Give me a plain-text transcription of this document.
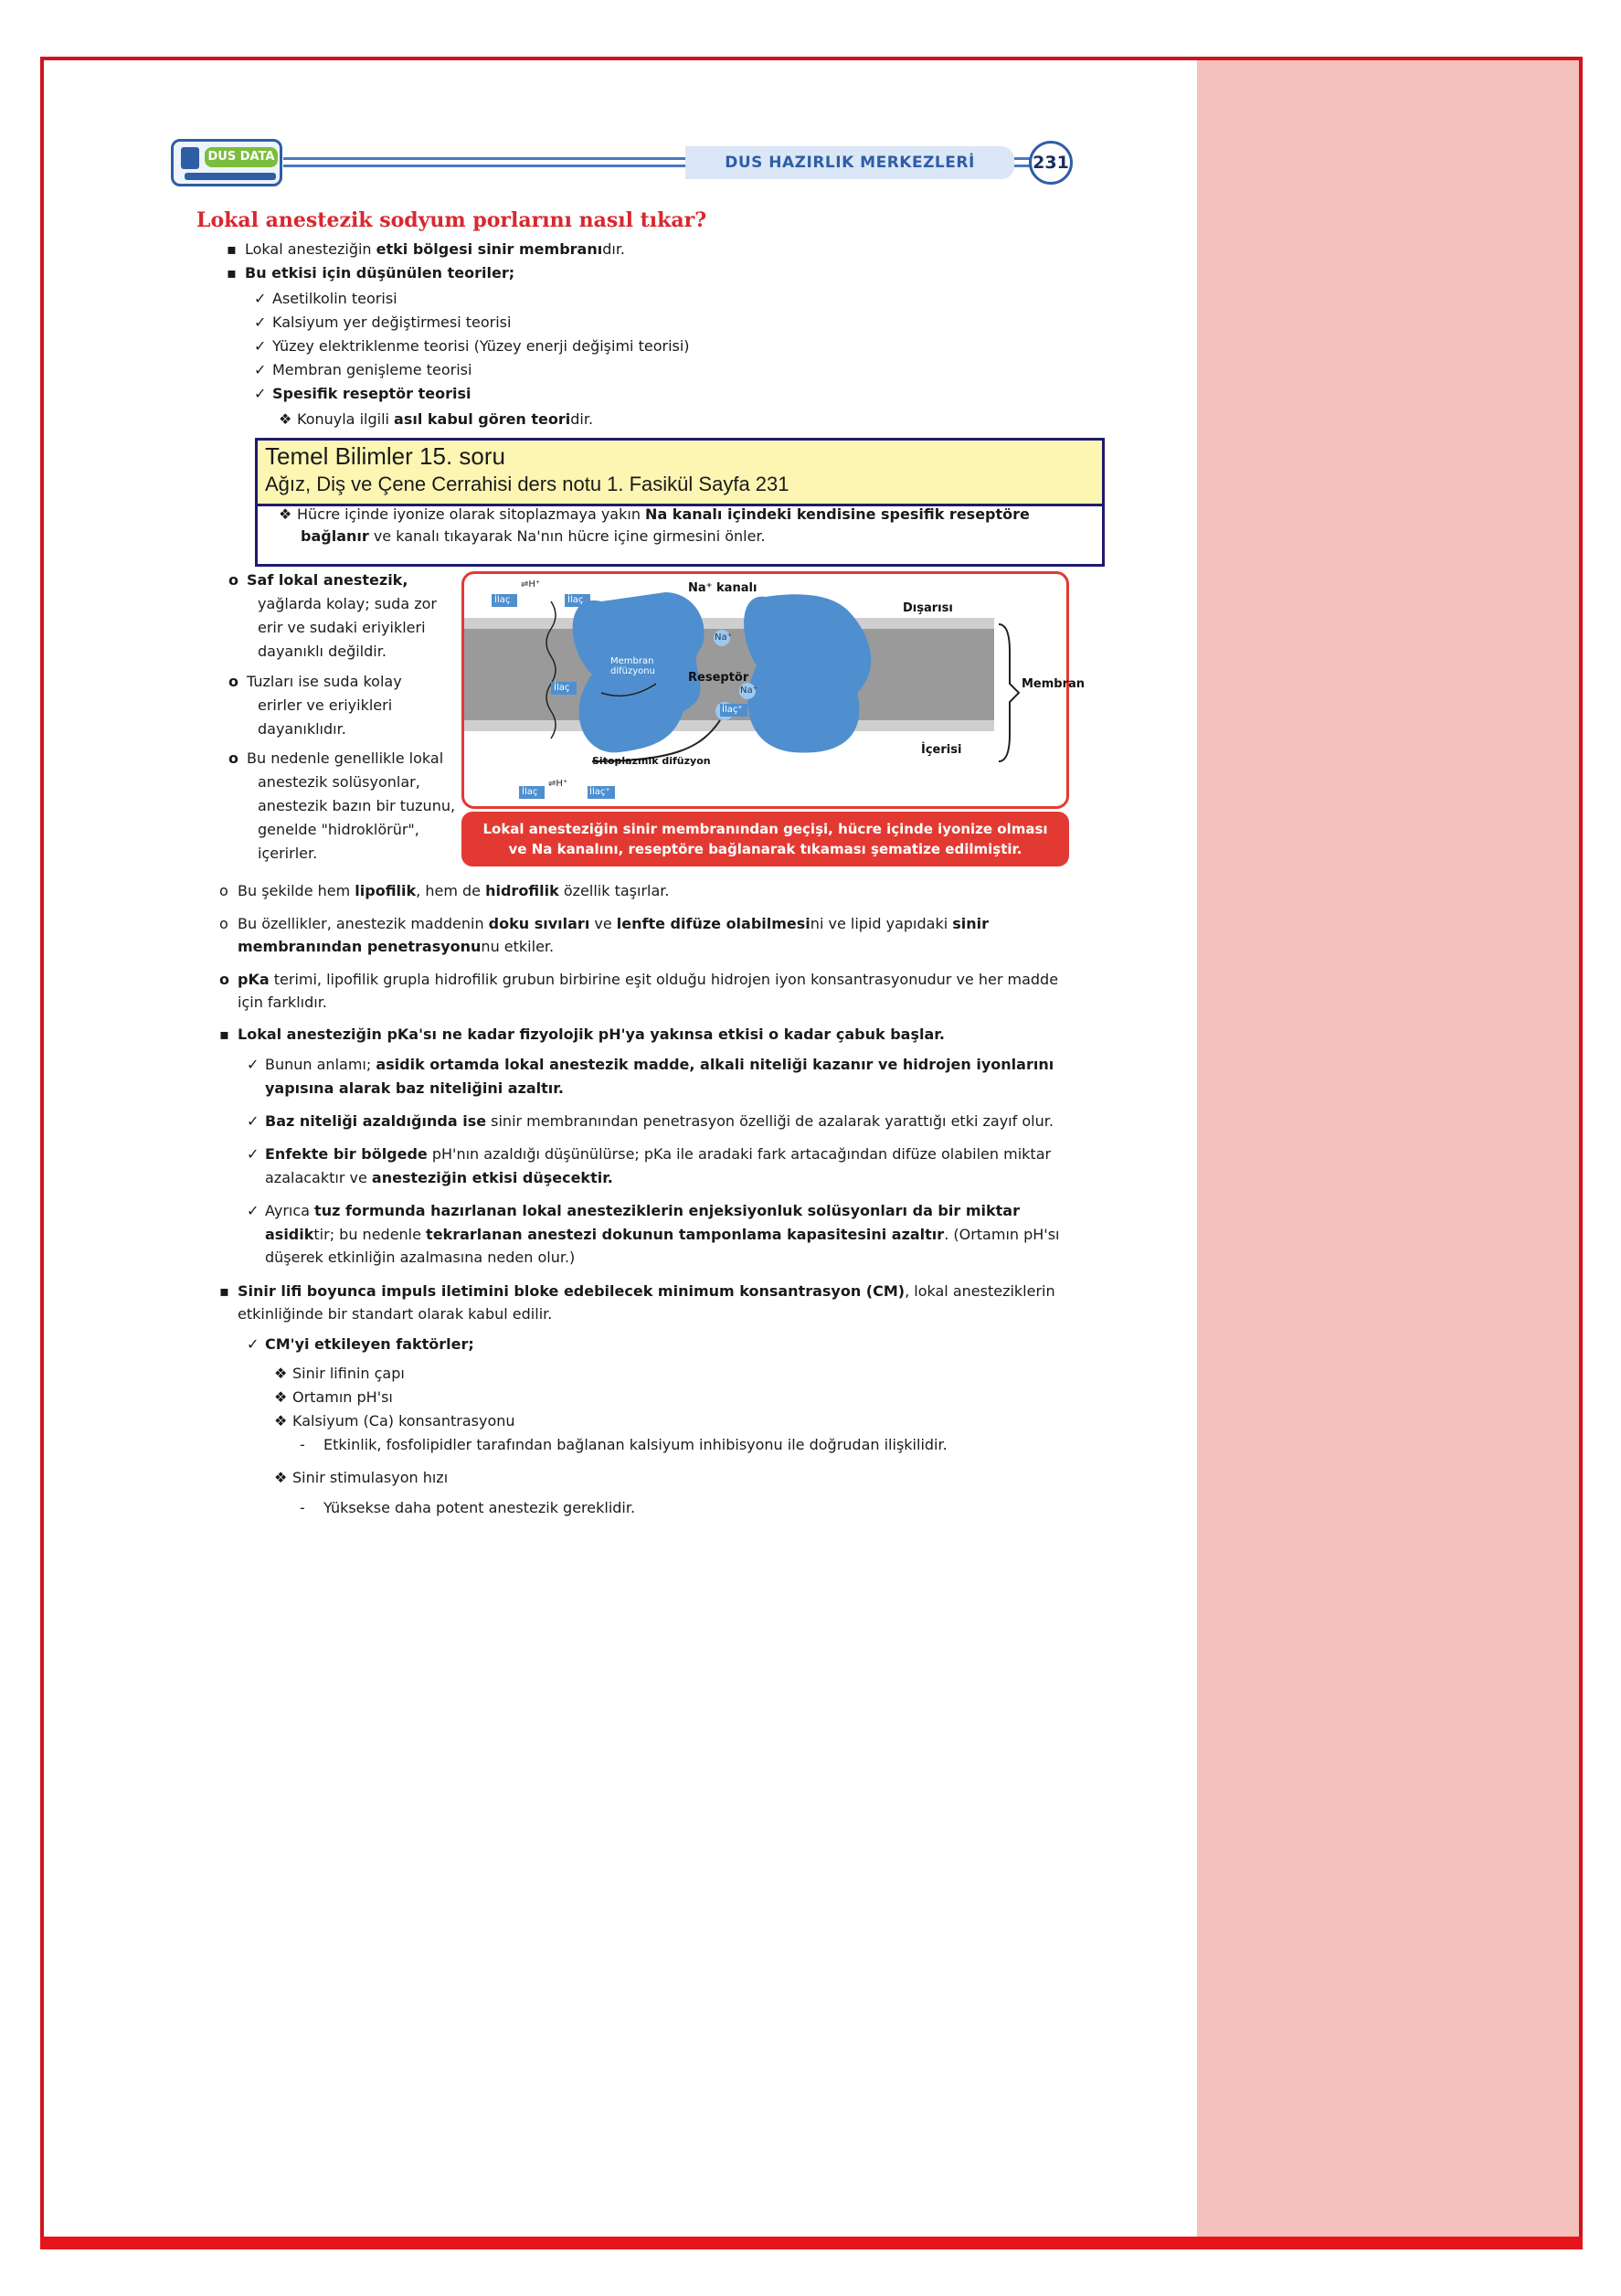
DUS DATA	DUS HAZIRLIK MERKEZLERİ	231
Lokal anestezik sodyum porlarını nasıl tıkar?
▪ Lokal anesteziğin etki bölgesi sinir membranıdır.
▪ Bu etkisi için düşünülen teoriler;
✓ Asetilkolin teorisi
✓ Kalsiyum yer değiştirmesi teorisi
✓ Yüzey elektriklenme teorisi (Yüzey enerji değişimi teorisi)
✓ Membran genişleme teorisi
✓ Spesifik reseptör teorisi
❖ Konuyla ilgili asıl kabul gören teoridir.
Temel Bilimler 15. soru
Ağız, Diş ve Çene Cerrahisi ders notu 1. Fasikül Sayfa 231
❖ Hücre içinde iyonize olarak sitoplazmaya yakın Na kanalı içindeki kendisine spesifik reseptöre
bağlanır ve kanalı tıkayarak Na'nın hücre içine girmesini önler.
o Saf lokal anestezik,
yağlarda kolay; suda zor
erir ve sudaki eriyikleri
dayanıklı değildir.
o Tuzları ise suda kolay
erirler ve eriyikleri
dayanıklıdır.
o Bu nedenle genellikle lokal
anestezik solüsyonlar,
anestezik bazın bir tuzunu,
genelde "hidroklörür",
içerirler.
İlaç	İlaç
İlaç
İlaç	İlaç⁺
İlaç⁺
⇌H⁺
⇌H⁺
Na⁺
Na⁺
Na⁺ kanalı
Dışarısı
Membran
İçerisi
Reseptör
Membran difüzyonu
Sitoplazmik difüzyon
Lokal anesteziğin sinir membranından geçişi, hücre içinde iyonize olması
ve Na kanalını, reseptöre bağlanarak tıkaması şematize edilmiştir.
o Bu şekilde hem lipofilik, hem de hidrofilik özellik taşırlar.
o Bu özellikler, anestezik maddenin doku sıvıları ve lenfte difüze olabilmesini ve lipid yapıdaki sinir
membranından penetrasyonunu etkiler.
o pKa terimi, lipofilik grupla hidrofilik grubun birbirine eşit olduğu hidrojen iyon konsantrasyonudur ve her madde
için farklıdır.
▪ Lokal anesteziğin pKa'sı ne kadar fizyolojik pH'ya yakınsa etkisi o kadar çabuk başlar.
✓ Bunun anlamı; asidik ortamda lokal anestezik madde, alkali niteliği kazanır ve hidrojen iyonlarını
yapısına alarak baz niteliğini azaltır.
✓ Baz niteliği azaldığında ise sinir membranından penetrasyon özelliği de azalarak yarattığı etki zayıf olur.
✓ Enfekte bir bölgede pH'nın azaldığı düşünülürse; pKa ile aradaki fark artacağından difüze olabilen miktar
azalacaktır ve anesteziğin etkisi düşecektir.
✓ Ayrıca tuz formunda hazırlanan lokal anesteziklerin enjeksiyonluk solüsyonları da bir miktar
asidiktir; bu nedenle tekrarlanan anestezi dokunun tamponlama kapasitesini azaltır. (Ortamın pH'sı
düşerek etkinliğin azalmasına neden olur.)
▪ Sinir lifi boyunca impuls iletimini bloke edebilecek minimum konsantrasyon (CM), lokal anesteziklerin
etkinliğinde bir standart olarak kabul edilir.
✓ CM'yi etkileyen faktörler;
❖ Sinir lifinin çapı
❖ Ortamın pH'sı
❖ Kalsiyum (Ca) konsantrasyonu
- Etkinlik, fosfolipidler tarafından bağlanan kalsiyum inhibisyonu ile doğrudan ilişkilidir.
❖ Sinir stimulasyon hızı
- Yüksekse daha potent anestezik gereklidir.
